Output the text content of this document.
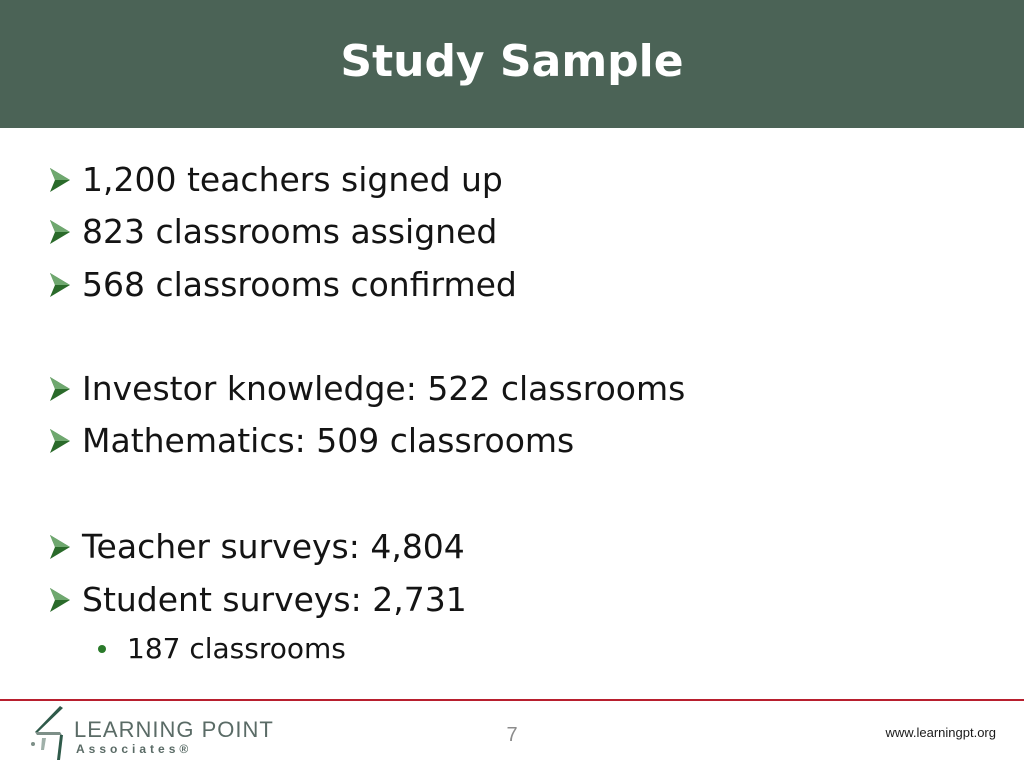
Study Sample
1,200 teachers signed up
823 classrooms assigned
568 classrooms confirmed
Investor knowledge: 522 classrooms
Mathematics: 509 classrooms
Teacher surveys: 4,804
Student surveys: 2,731
187 classrooms
LEARNING POINT
Associates®
7	www.learningpt.org
